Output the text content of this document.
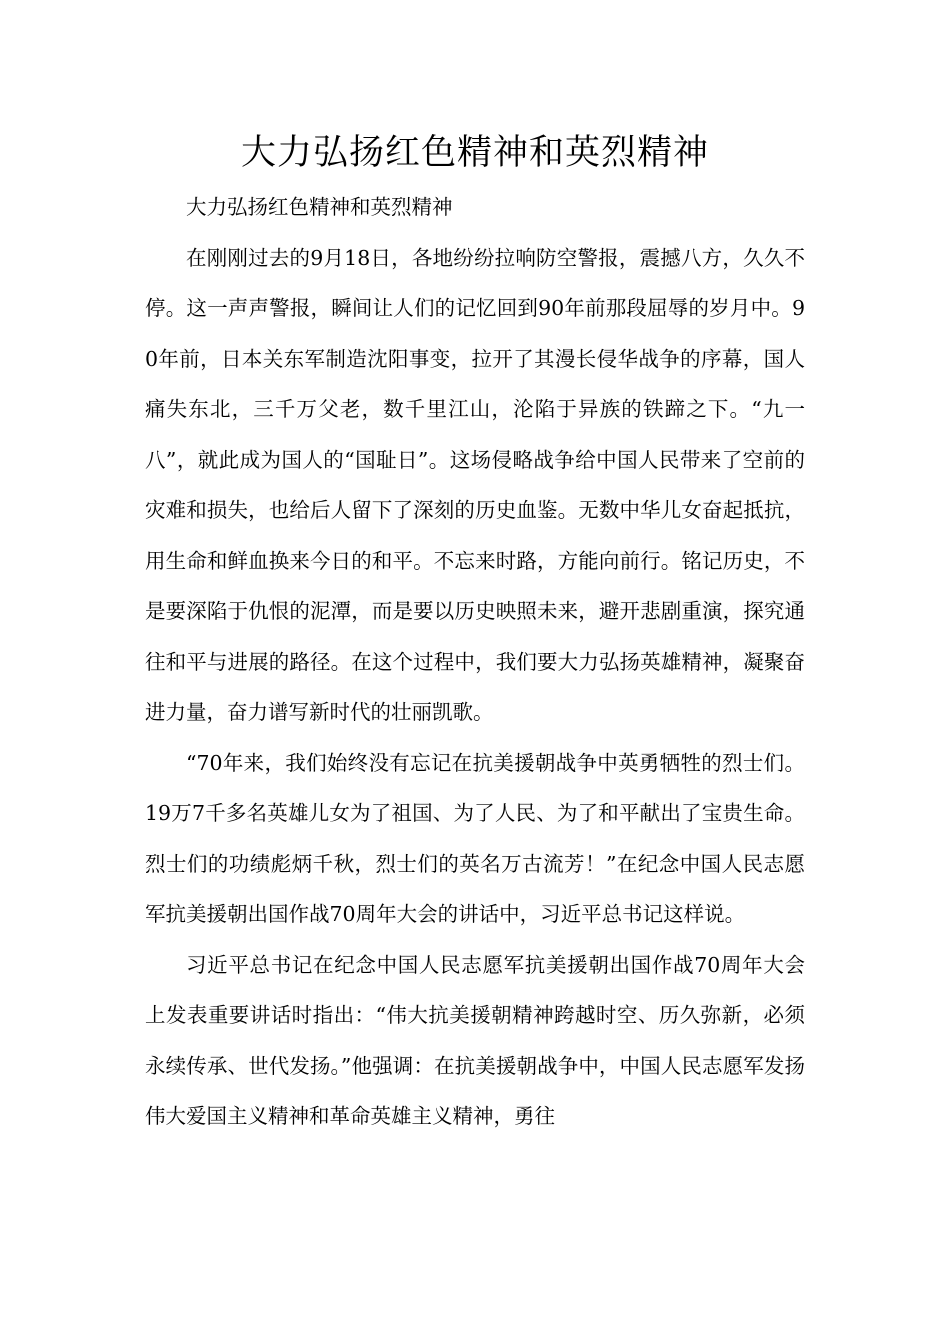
大力弘扬红色精神和英烈精神

大力弘扬红色精神和英烈精神

在刚刚过去的9月18日，各地纷纷拉响防空警报，震撼八方，久久不停。这一声声警报，瞬间让人们的记忆回到90年前那段屈辱的岁月中。90年前，日本关东军制造沈阳事变，拉开了其漫长侵华战争的序幕，国人痛失东北，三千万父老，数千里江山，沦陷于异族的铁蹄之下。“九一八”，就此成为国人的“国耻日”。这场侵略战争给中国人民带来了空前的灾难和损失，也给后人留下了深刻的历史血鉴。无数中华儿女奋起抵抗，用生命和鲜血换来今日的和平。不忘来时路，方能向前行。铭记历史，不是要深陷于仇恨的泥潭，而是要以历史映照未来，避开悲剧重演，探究通往和平与进展的路径。在这个过程中，我们要大力弘扬英雄精神，凝聚奋进力量，奋力谱写新时代的壮丽凯歌。

“70年来，我们始终没有忘记在抗美援朝战争中英勇牺牲的烈士们。19万7千多名英雄儿女为了祖国、为了人民、为了和平献出了宝贵生命。烈士们的功绩彪炳千秋，烈士们的英名万古流芳！”在纪念中国人民志愿军抗美援朝出国作战70周年大会的讲话中，习近平总书记这样说。

习近平总书记在纪念中国人民志愿军抗美援朝出国作战70周年大会上发表重要讲话时指出：“伟大抗美援朝精神跨越时空、历久弥新，必须永续传承、世代发扬。”他强调：在抗美援朝战争中，中国人民志愿军发扬伟大爱国主义精神和革命英雄主义精神，勇往
